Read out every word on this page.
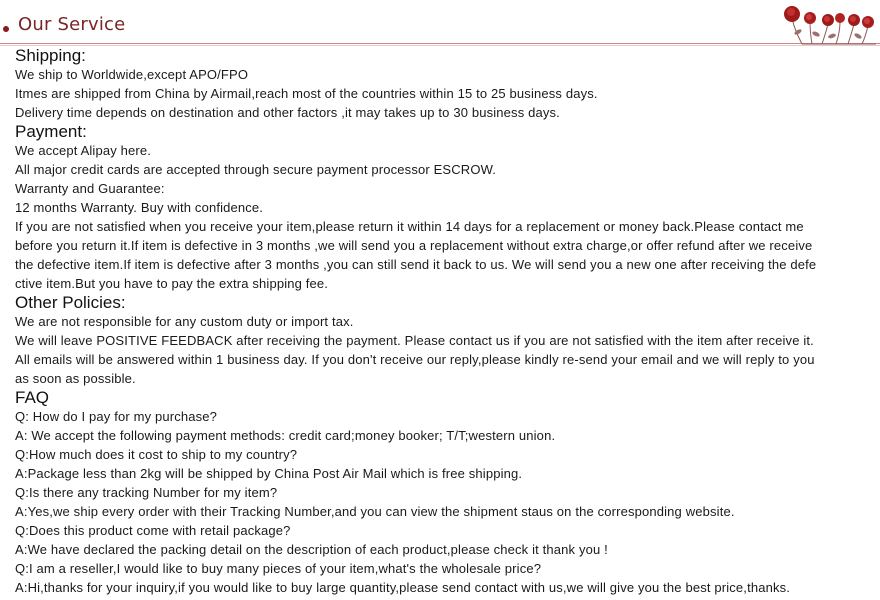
Our Service
Shipping:
We ship to Worldwide,except APO/FPO
Itmes are shipped from China by Airmail,reach most of the countries within 15 to 25 business days.
Delivery time depends on destination and other factors ,it may takes up to 30 business days.
Payment:
We accept Alipay here.
All major credit cards are accepted through secure payment processor ESCROW.
Warranty and Guarantee:
12 months Warranty. Buy with confidence.
If you are not satisfied when you receive your item,please return it within 14 days for a replacement or money back.Please contact me
before you return it.If item is defective in 3 months ,we will send you a replacement without extra charge,or offer refund after we receive
the defective item.If item is defective after 3 months ,you can still send it back to us. We will send you a new one after receiving the defe
ctive item.But you have to pay the extra shipping fee.
Other Policies:
We are not responsible for any custom duty or import tax.
We will leave POSITIVE FEEDBACK after receiving the payment. Please contact us if you are not satisfied with the item after receive it.
All emails will be answered within 1 business day. If you don't receive our reply,please kindly re-send your email and we will reply to you
as soon as possible.
FAQ
Q: How do I pay for my purchase?
A: We accept the following payment methods: credit card;money booker; T/T;western union.
Q:How much does it cost to ship to my country?
A:Package less than 2kg will be shipped by China Post Air Mail which is free shipping.
Q:Is there any tracking Number for my item?
A:Yes,we ship every order with their Tracking Number,and you can view the shipment staus on the corresponding website.
Q:Does this product come with retail package?
A:We have declared the packing detail on the description of each product,please check it thank you !
Q:I am a reseller,I would like to buy many pieces of your item,what's the wholesale price?
A:Hi,thanks for your inquiry,if you would like to buy large quantity,please send contact with us,we will give you the best price,thanks.
